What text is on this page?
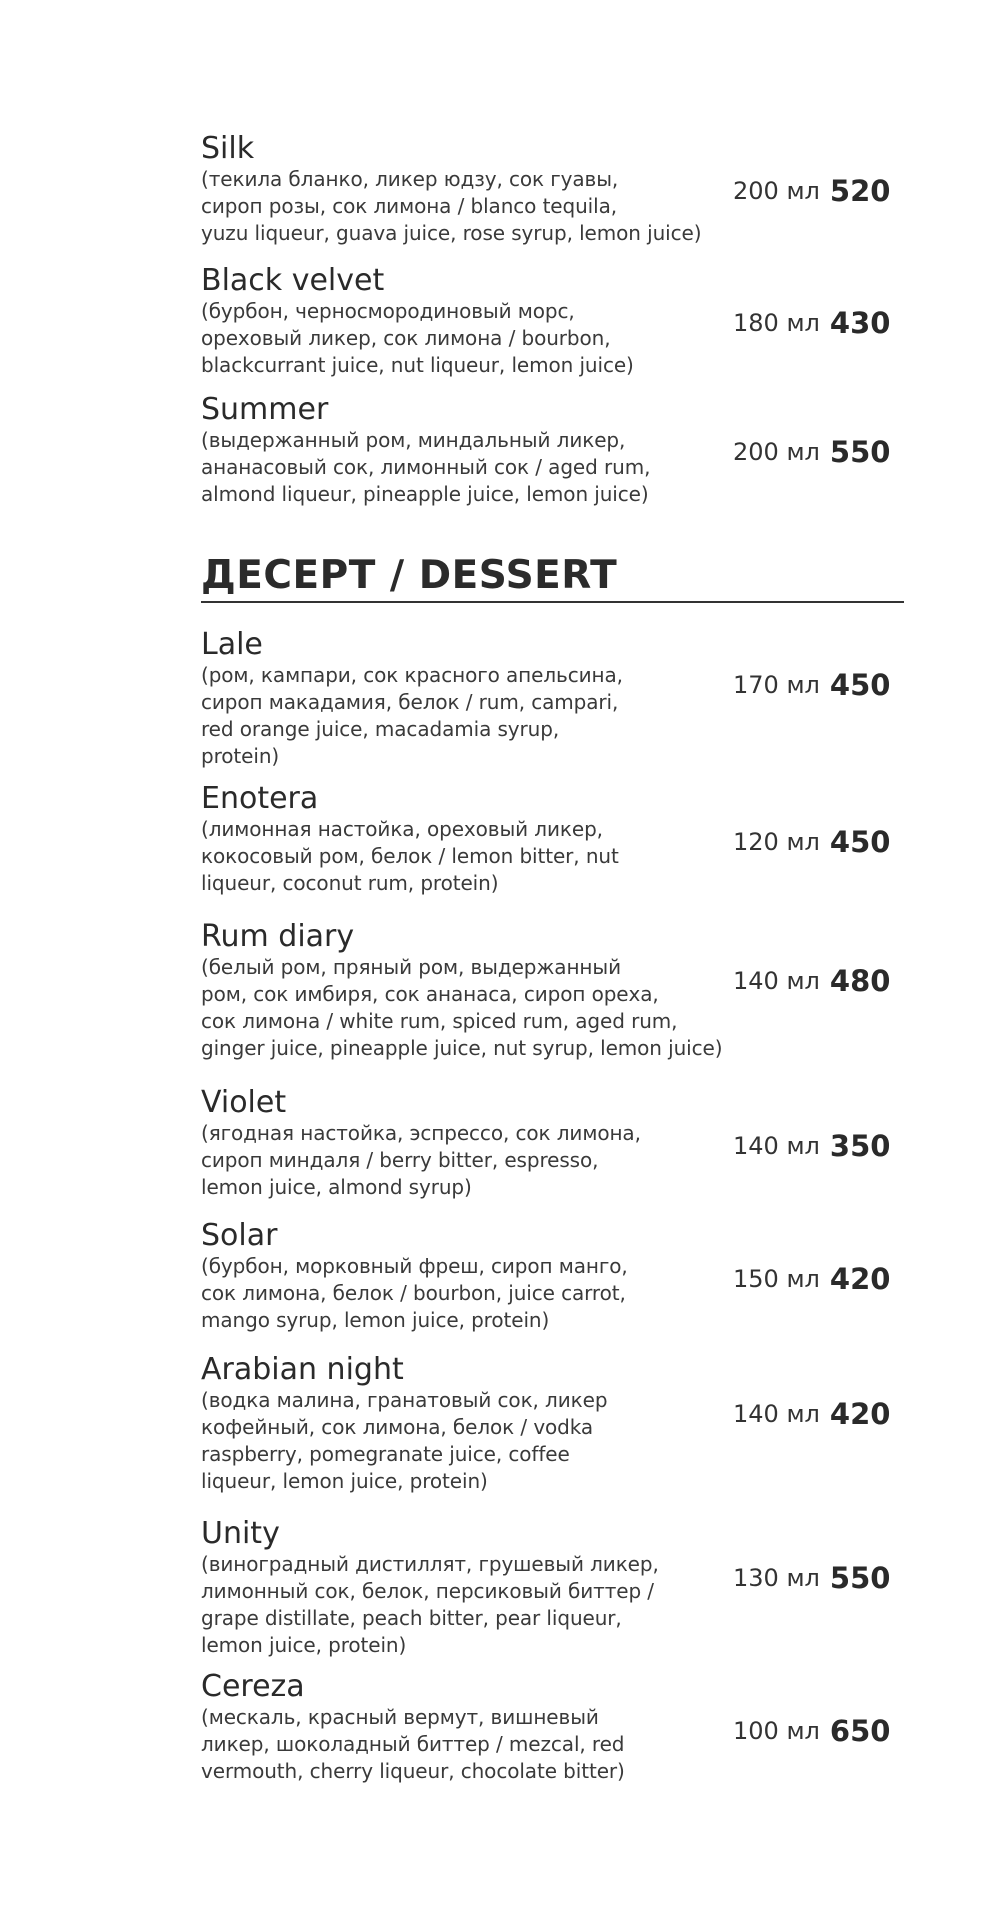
Silk
(текила бланко, ликер юдзу, сок гуавы,
сироп розы, сок лимона / blanco tequila,
yuzu liqueur, guava juice, rose syrup, lemon juice)
200 мл 520
Black velvet
(бурбон, черносмородиновый морс,
ореховый ликер, сок лимона / bourbon,
blackcurrant juice, nut liqueur, lemon juice)
180 мл 430
Summer
(выдержанный ром, миндальный ликер,
ананасовый сок, лимонный сок / aged rum,
almond liqueur, pineapple juice, lemon juice)
200 мл 550
ДЕСЕРТ / DESSERT
Lale
(ром, кампари, сок красного апельсина,
сироп макадамия, белок / rum, campari,
red orange juice, macadamia syrup,
protein)
170 мл 450
Enotera
(лимонная настойка, ореховый ликер,
кокосовый ром, белок / lemon bitter, nut
liqueur, coconut rum, protein)
120 мл 450
Rum diary
(белый ром, пряный ром, выдержанный
ром, сок имбиря, сок ананаса, сироп ореха,
сок лимона / white rum, spiced rum, aged rum,
ginger juice, pineapple juice, nut syrup, lemon juice)
140 мл 480
Violet
(ягодная настойка, эспрессо, сок лимона,
сироп миндаля / berry bitter, espresso,
lemon juice, almond syrup)
140 мл 350
Solar
(бурбон, морковный фреш, сироп манго,
сок лимона, белок / bourbon, juice carrot,
mango syrup, lemon juice, protein)
150 мл 420
Arabian night
(водка малина, гранатовый сок, ликер
кофейный, сок лимона, белок / vodka
raspberry, pomegranate juice, coffee
liqueur, lemon juice, protein)
140 мл 420
Unity
(виноградный дистиллят, грушевый ликер,
лимонный сок, белок, персиковый биттер /
grape distillate, peach bitter, pear liqueur,
lemon juice, protein)
130 мл 550
Cereza
(мескаль, красный вермут, вишневый
ликер, шоколадный биттер / mezcal, red
vermouth, cherry liqueur, chocolate bitter)
100 мл 650
